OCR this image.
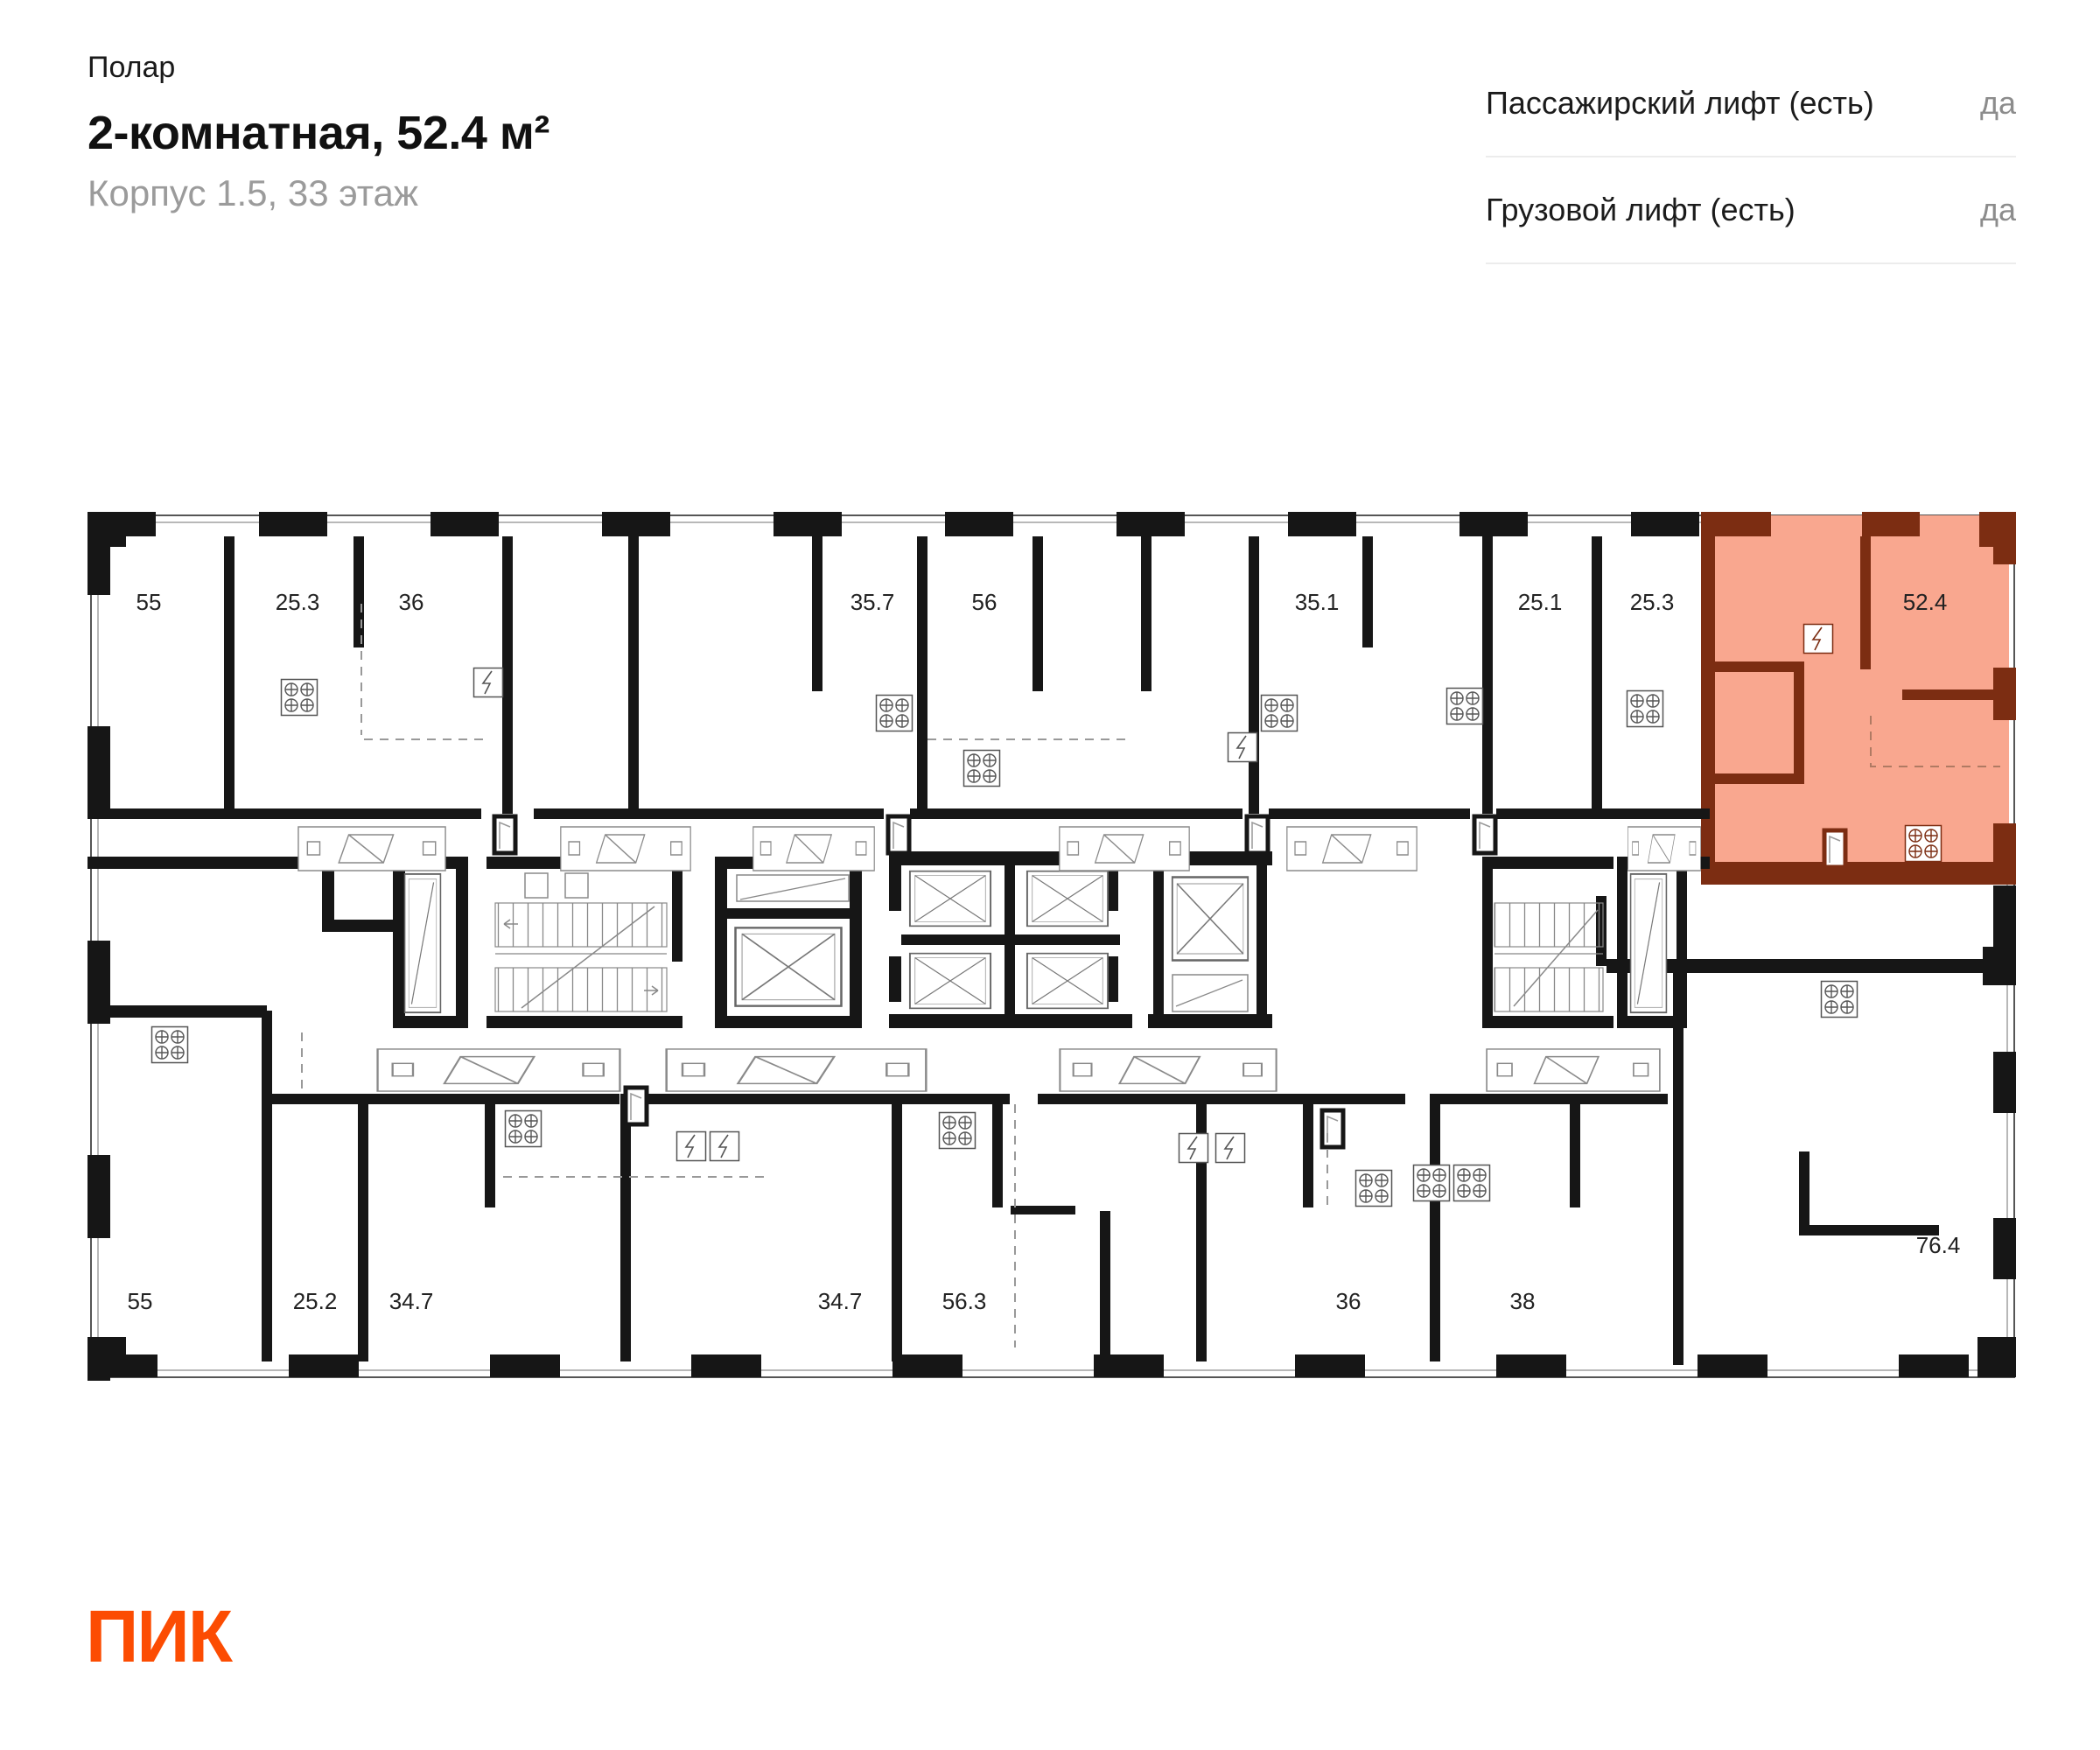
Полар
2-комнатная, 52.4 м²
Корпус 1.5, 33 этаж
Пассажирский лифт (есть)	да
Грузовой лифт (есть)	да
52.4
55	25.3	36	35.7	56	35.1	25.1	25.3
55	25.2 34.7	34.7	56.3	36	38
76.4
ПИК
